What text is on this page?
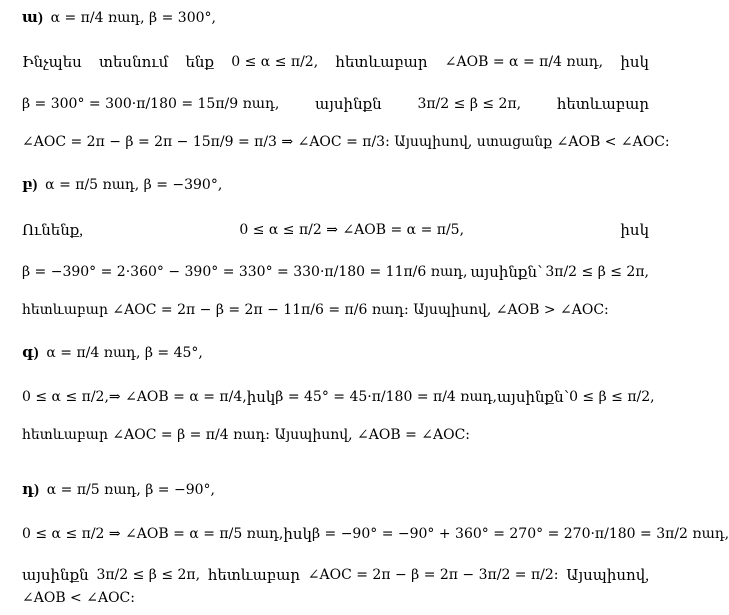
ա) α = π/4 ռադ, β = 300°,
Ինչպես տեսնում ենք 0 ≤ α ≤ π/2, հետևաբար ∠AOB = α = π/4 ռադ, իսկ
β = 300° = 300·π/180 = 15π/9 ռադ, այսինքն	3π/2 ≤ β ≤ 2π, հետևաբար
∠AOC = 2π − β = 2π − 15π/9 = π/3 ⇒ ∠AOC = π/3: Այսպիսով, ստացանք ∠AOB < ∠AOC:
բ) α = π/5 ռադ, β = −390°,
Ունենք,	0 ≤ α ≤ π/2 ⇒ ∠AOB = α = π/5,	իսկ
β = −390° = 2·360° − 390° = 330° = 330·π/180 = 11π/6 ռադ, այսինքն՝ 3π/2 ≤ β ≤ 2π,
հետևաբար ∠AOC = 2π − β = 2π − 11π/6 = π/6 ռադ: Այսպիսով, ∠AOB > ∠AOC:
գ) α = π/4 ռադ, β = 45°,
0 ≤ α ≤ π/2, ⇒ ∠AOB = α = π/4, իսկ β = 45° = 45·π/180 = π/4 ռադ, այսինքն՝ 0 ≤ β ≤ π/2,
հետևաբար ∠AOC = β = π/4 ռադ: Այսպիսով, ∠AOB = ∠AOC:
դ) α = π/5 ռադ, β = −90°,
0 ≤ α ≤ π/2 ⇒ ∠AOB = α = π/5 ռադ, իսկ β = −90° = −90° + 360° = 270° = 270·π/180 = 3π/2 ռադ,
այսինքն 3π/2 ≤ β ≤ 2π, հետևաբար ∠AOC = 2π − β = 2π − 3π/2 = π/2: Այսպիսով,
∠AOB < ∠AOC:
